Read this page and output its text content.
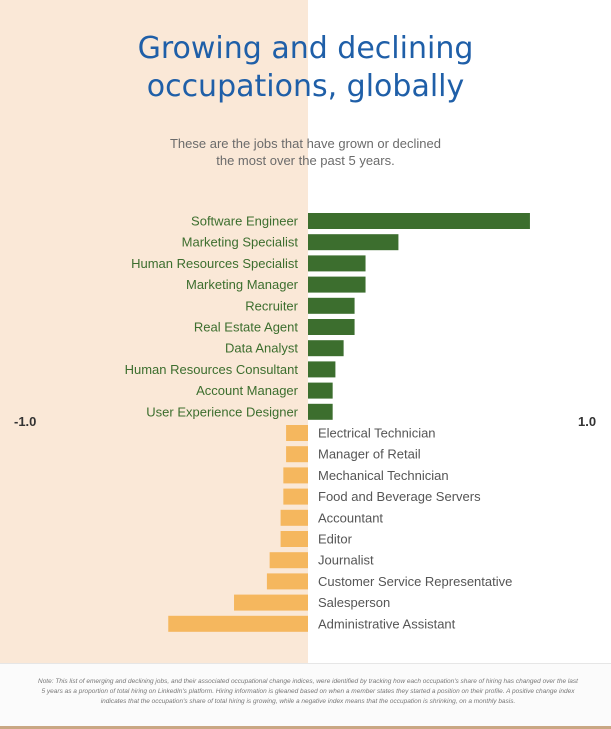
Growing and declining
occupations, globally
These are the jobs that have grown or declined
the most over the past 5 years.
-1.0	1.0
Software Engineer
Marketing Specialist
Human Resources Specialist
Marketing Manager
Recruiter
Real Estate Agent
Data Analyst
Human Resources Consultant
Account Manager
User Experience Designer
Electrical Technician
Manager of Retail
Mechanical Technician
Food and Beverage Servers
Accountant
Editor
Journalist
Customer Service Representative
Salesperson
Administrative Assistant
Note: This list of emerging and declining jobs, and their associated occupational change indices, were identified by tracking how each occupation's share of hiring has changed over the last 5 years as a proportion of total hiring on LinkedIn's platform. Hiring information is gleaned based on when a member states they started a position on their profile. A positive change index indicates that the occupation's share of total hiring is growing, while a negative index means that the occupation is shrinking, on a monthly basis.
